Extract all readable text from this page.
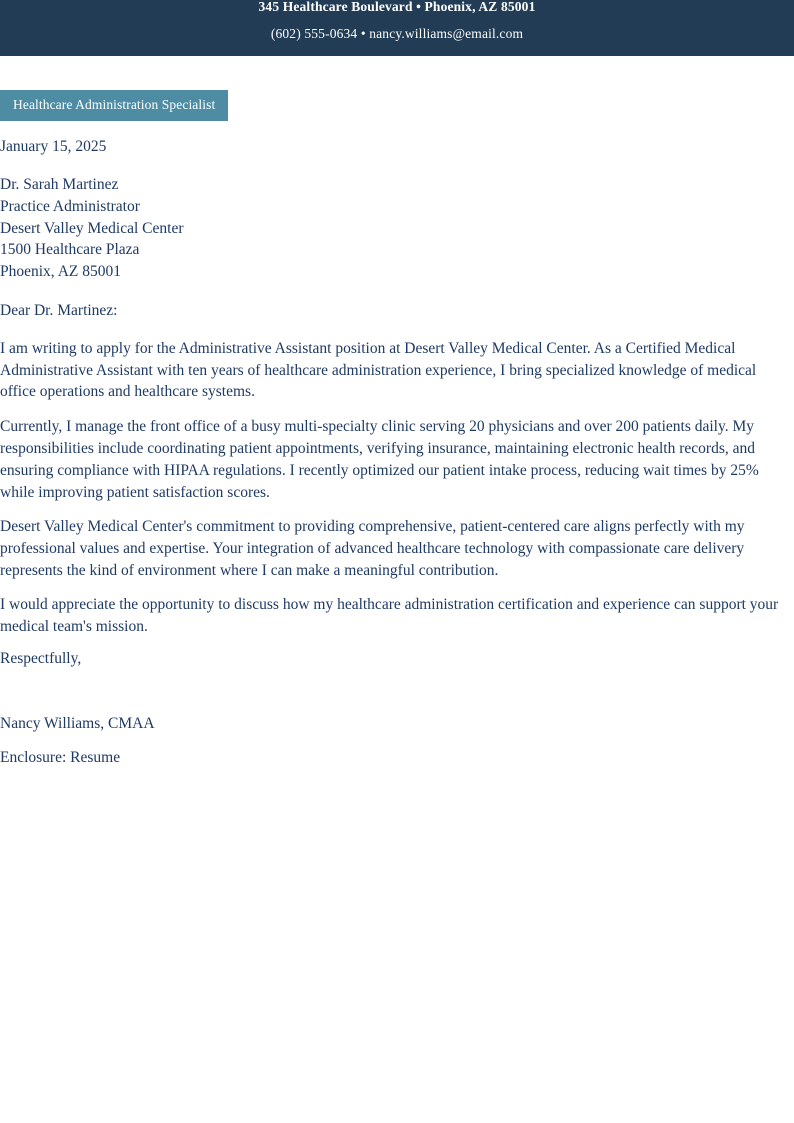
345 Healthcare Boulevard • Phoenix, AZ 85001
(602) 555-0634 • nancy.williams@email.com
Healthcare Administration Specialist
January 15, 2025
Dr. Sarah Martinez
Practice Administrator
Desert Valley Medical Center
1500 Healthcare Plaza
Phoenix, AZ 85001
Dear Dr. Martinez:

I am writing to apply for the Administrative Assistant position at Desert Valley Medical Center. As a Certified Medical Administrative Assistant with ten years of healthcare administration experience, I bring specialized knowledge of medical office operations and healthcare systems.

Currently, I manage the front office of a busy multi-specialty clinic serving 20 physicians and over 200 patients daily. My responsibilities include coordinating patient appointments, verifying insurance, maintaining electronic health records, and ensuring compliance with HIPAA regulations. I recently optimized our patient intake process, reducing wait times by 25% while improving patient satisfaction scores.

Desert Valley Medical Center's commitment to providing comprehensive, patient-centered care aligns perfectly with my professional values and expertise. Your integration of advanced healthcare technology with compassionate care delivery represents the kind of environment where I can make a meaningful contribution.

I would appreciate the opportunity to discuss how my healthcare administration certification and experience can support your medical team's mission.

Respectfully,
Nancy Williams, CMAA
Enclosure: Resume
